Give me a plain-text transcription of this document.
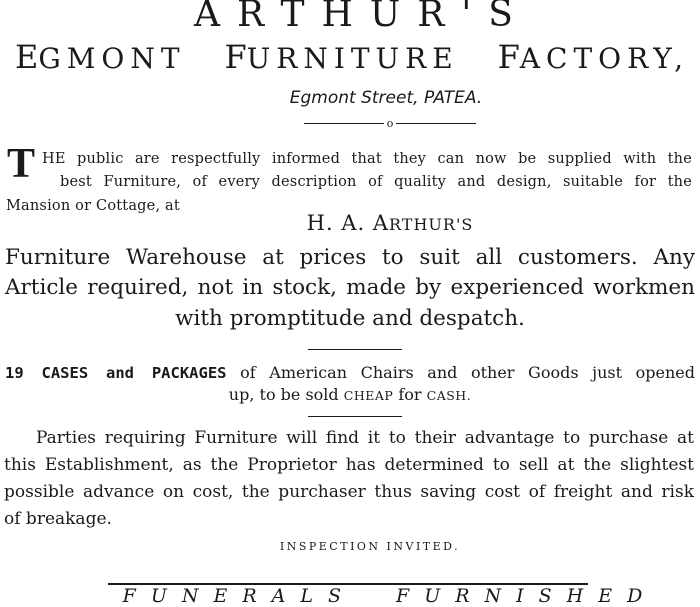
ARTHUR'S
EGMONT FURNITURE FACTORY,
Egmont Street, PATEA.
o
T HE public are respectfully informed that they can now be supplied with the
best Furniture, of every description of quality and design, suitable for the
Mansion or Cottage, at
H. A. ARTHUR'S
Furniture Warehouse at prices to suit all customers. Any
Article required, not in stock, made by experienced workmen
with promptitude and despatch.
19 CASES and PACKAGES of American Chairs and other Goods just opened
up, to be sold CHEAP for CASH.
Parties requiring Furniture will find it to their advantage to purchase at
this Establishment, as the Proprietor has determined to sell at the slightest
possible advance on cost, the purchaser thus saving cost of freight and risk
of breakage.
INSPECTION INVITED.
FUNERALS FURNISHED
